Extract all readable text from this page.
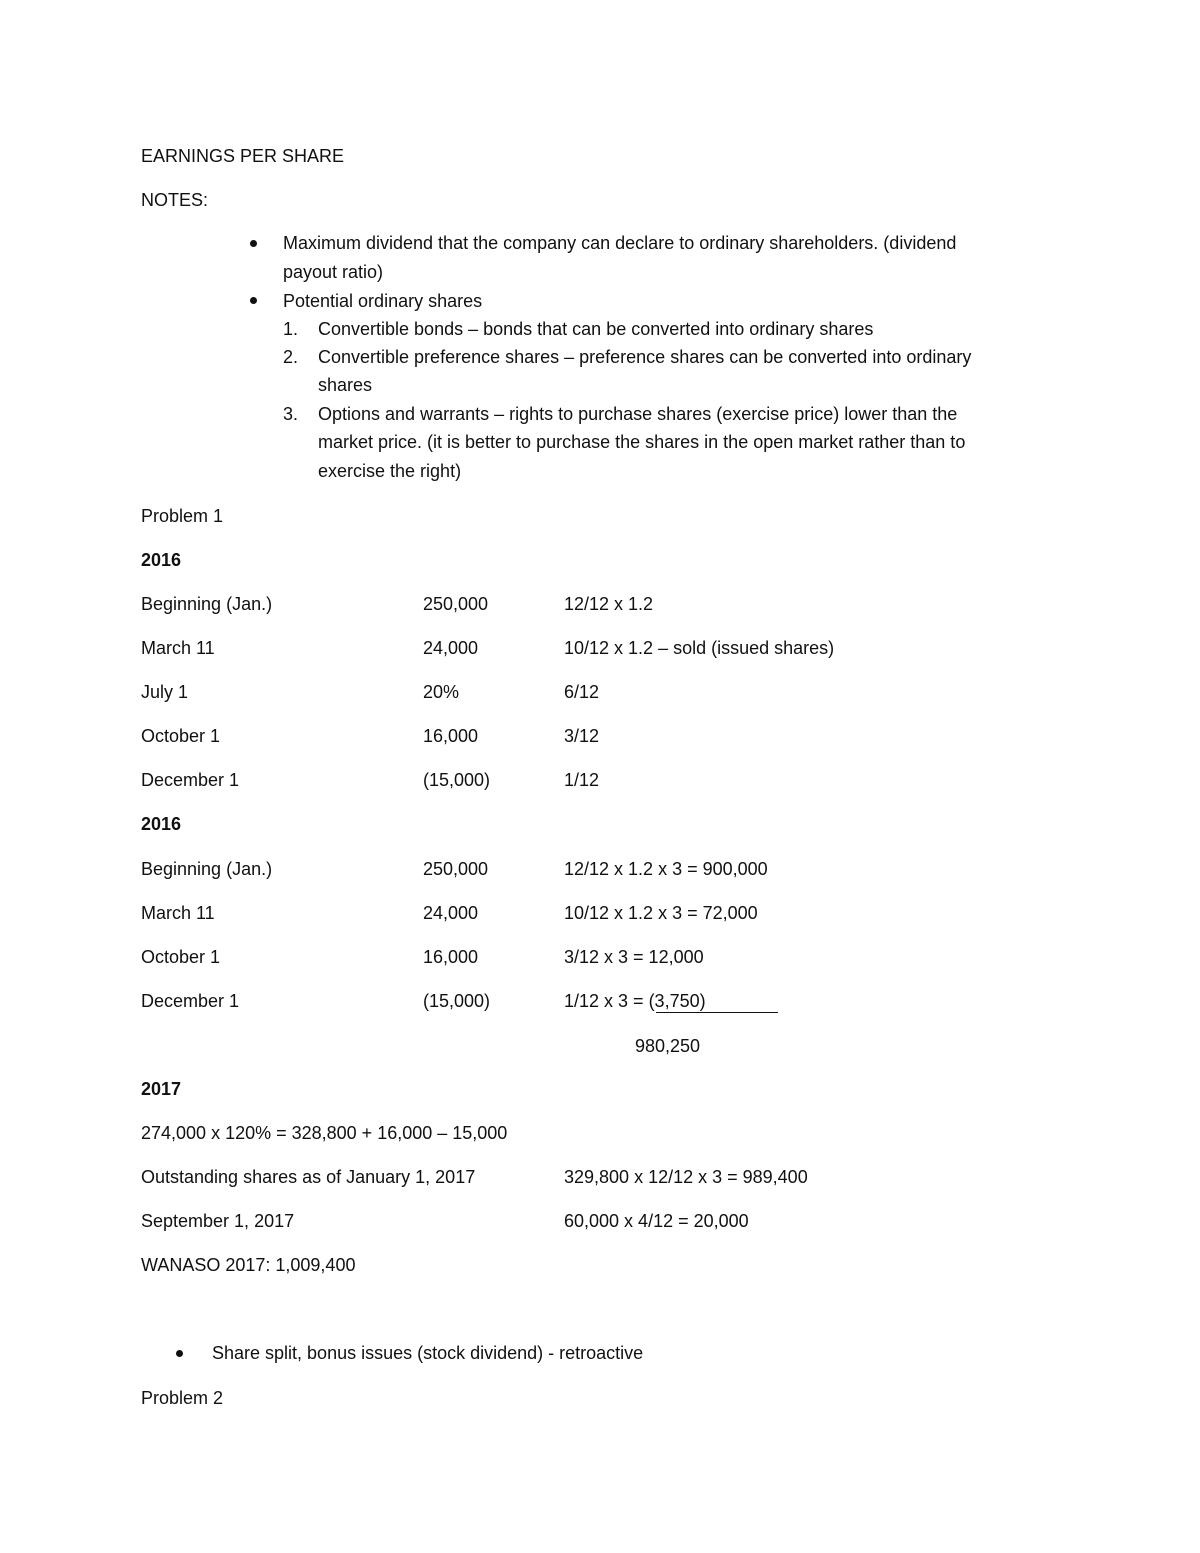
EARNINGS PER SHARE
NOTES:
Maximum dividend that the company can declare to ordinary shareholders. (dividend
payout ratio)
Potential ordinary shares
1. Convertible bonds – bonds that can be converted into ordinary shares
2. Convertible preference shares – preference shares can be converted into ordinary
shares
3. Options and warrants – rights to purchase shares (exercise price) lower than the
market price. (it is better to purchase the shares in the open market rather than to
exercise the right)
Problem 1
2016
Beginning (Jan.)	250,000	12/12 x 1.2
March 11	24,000	10/12 x 1.2 – sold (issued shares)
July 1	20%	6/12
October 1	16,000	3/12
December 1	(15,000)	1/12
2016
Beginning (Jan.)	250,000	12/12 x 1.2 x 3 = 900,000
March 11	24,000	10/12 x 1.2 x 3 = 72,000
October 1	16,000	3/12 x 3 = 12,000
December 1	(15,000)	1/12 x 3 = (3,750)
980,250
2017
274,000 x 120% = 328,800 + 16,000 – 15,000
Outstanding shares as of January 1, 2017	329,800 x 12/12 x 3 = 989,400
September 1, 2017	60,000 x 4/12 = 20,000
WANASO 2017: 1,009,400
Share split, bonus issues (stock dividend) - retroactive
Problem 2
